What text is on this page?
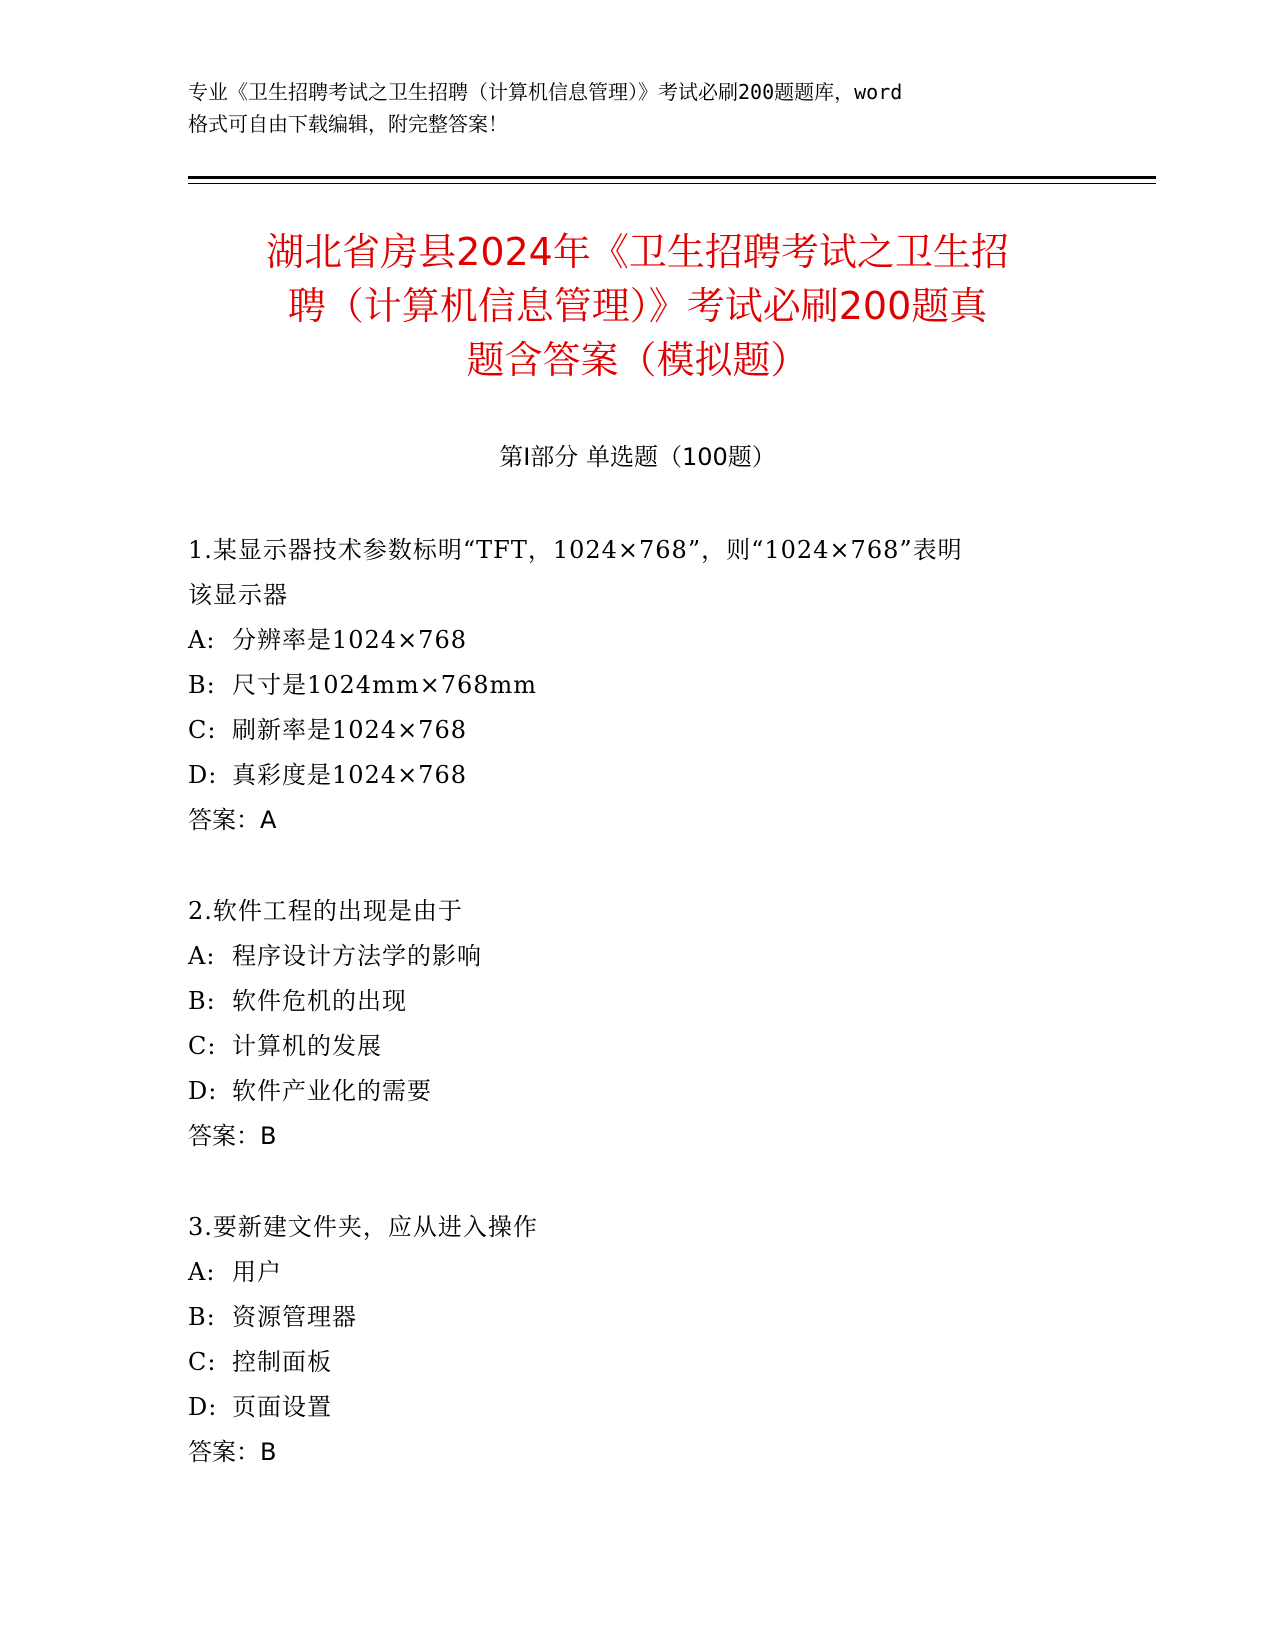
专业《卫生招聘考试之卫生招聘（计算机信息管理）》考试必刷200题题库，word
格式可自由下载编辑，附完整答案！
湖北省房县2024年《卫生招聘考试之卫生招
聘（计算机信息管理）》考试必刷200题真
题含答案（模拟题）
第Ⅰ部分 单选题（100题）
1.某显示器技术参数标明“TFT，1024×768”，则“1024×768”表明
该显示器
A: 分辨率是1024×768
B: 尺寸是1024mm×768mm
C: 刷新率是1024×768
D: 真彩度是1024×768
答案：A
2.软件工程的出现是由于
A: 程序设计方法学的影响
B: 软件危机的出现
C: 计算机的发展
D: 软件产业化的需要
答案：B
3.要新建文件夹，应从进入操作
A: 用户
B: 资源管理器
C: 控制面板
D: 页面设置
答案：B
